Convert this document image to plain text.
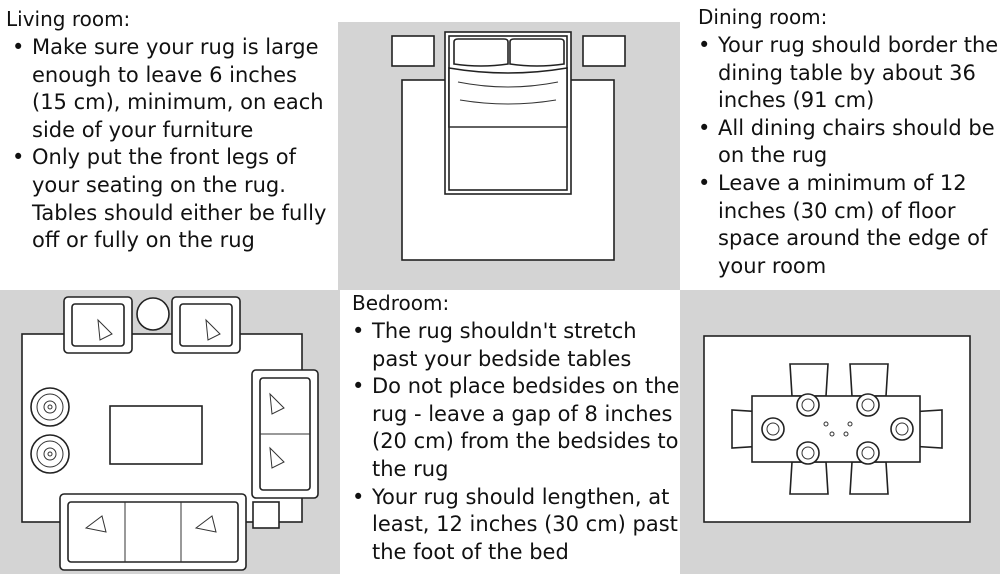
Living room:
• Make sure your rug is large enough to leave 6 inches (15 cm), minimum, on each side of your furniture
• Only put the front legs of your seating on the rug. Tables should either be fully off or fully on the rug
Dining room:
• Your rug should border the dining table by about 36 inches (91 cm)
• All dining chairs should be on the rug
• Leave a minimum of 12 inches (30 cm) of floor space around the edge of your room
Bedroom:
• The rug shouldn't stretch past your bedside tables
• Do not place bedsides on the rug - leave a gap of 8 inches (20 cm) from the bedsides to the rug
• Your rug should lengthen, at least, 12 inches (30 cm) past the foot of the bed
